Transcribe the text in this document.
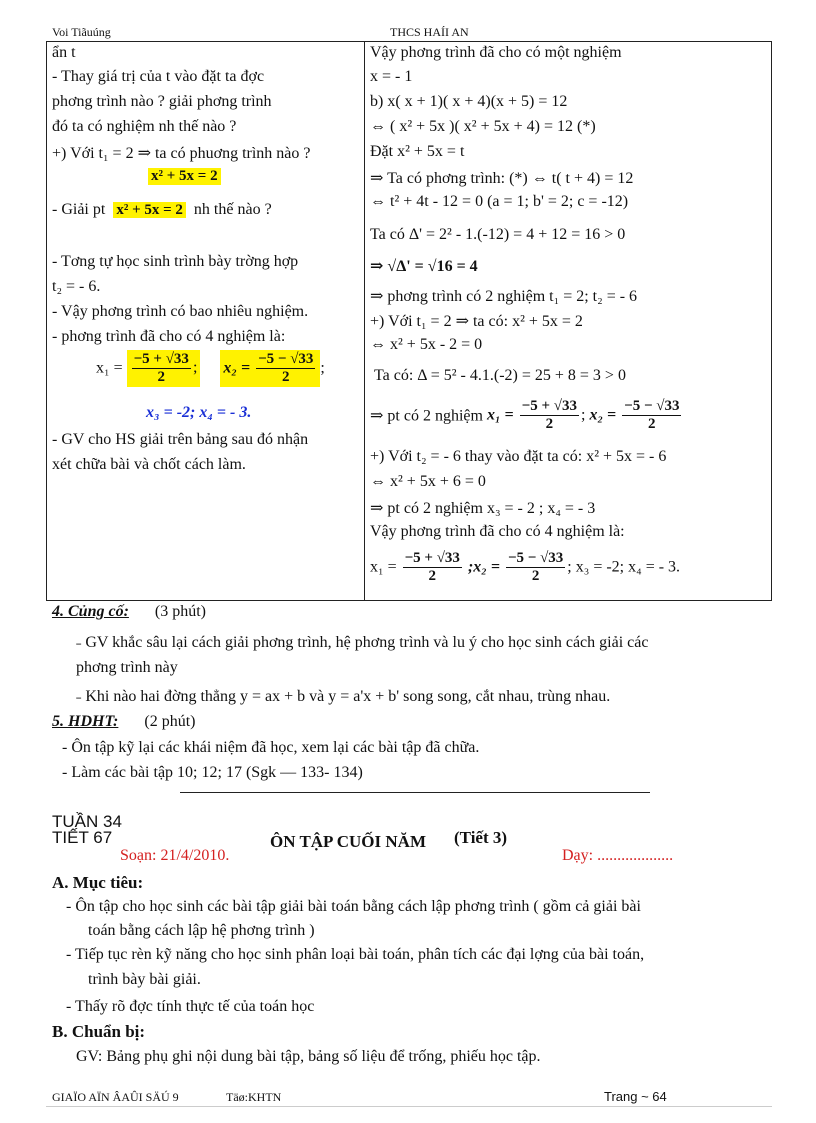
Voi Tiãuúng	THCS HAÍI AN
ẩn t
- Thay giá trị của t vào đặt ta đợc
phơng trình nào ? giải phơng trình
đó ta có nghiệm nh thế nào ?
+) Với t₁ = 2 ⇒ ta có phuơng trình nào ?
x² + 5x = 2
- Giải pt x² + 5x = 2 nh thế nào ?
- Tơng tự học sinh trình bày trờng hợp
t₂ = - 6.
- Vậy phơng trình có bao nhiêu nghiệm.
- phơng trình đã cho có 4 nghiệm là:
$x_1 = \frac{-5 + √33}{2}$ ; $x_2 = \frac{-5 - √33}{2}$ ;
x₃ = -2; x₄ = - 3.
- GV cho HS giải trên bảng sau đó nhận
xét chữa bài và chốt cách làm.
Vậy phơng trình đã cho có một nghiệm
x = - 1
b) x( x + 1)( x + 4)(x + 5) = 12
⇔ ( x² + 5x )( x² + 5x + 4) = 12 (*)
Đặt x² + 5x = t
⇒ Ta có phơng trình: (*) ⇔ t( t + 4) = 12
⇔ t² + 4t - 12 = 0 (a = 1; b' = 2; c = -12)
Ta có Δ' = 2² - 1.(-12) = 4 + 12 = 16 > 0
⇒ √Δ' = √16 = 4
⇒ phơng trình có 2 nghiệm t₁ = 2; t₂ = - 6
+) Với t₁ = 2 ⇒ ta có: x² + 5x = 2
⇔ x² + 5x - 2 = 0
Ta có: Δ = 5² - 4.1.(-2) = 25 + 8 = 3 > 0
⇒ pt có 2 nghiệm $x_1 = \frac{-5 + √33}{2}$ ; $x_2 = \frac{-5 - √33}{2}$
+) Với t₂ = - 6 thay vào đặt ta có: x² + 5x = - 6
⇔ x² + 5x + 6 = 0
⇒ pt có 2 nghiệm x₃ = - 2 ; x₄ = - 3
Vậy phơng trình đã cho có 4 nghiệm là:
$x_1 = \frac{-5 + √33}{2}$ ;x₂ = $\frac{-5 - √33}{2}$ ; x₃ = -2; x₄ = - 3.
4. Củng cố: (3 phút)
˗ GV khắc sâu lại cách giải phơng trình, hệ phơng trình và lu ý cho học sinh cách giải các
phơng trình này
˗ Khi nào hai đờng thẳng y = ax + b và y = a'x + b' song song, cắt nhau, trùng nhau.
5. HDHT: (2 phút)
- Ôn tập kỹ lại các khái niệm đã học, xem lại các bài tập đã chữa.
- Làm các bài tập 10; 12; 17 (Sgk — 133- 134)
TUẦN 34
TIẾT 67	ÔN TẬP CUỐI NĂM (Tiết 3)
Soạn: 21/4/2010.	Dạy: ...................
A. Mục tiêu:
- Ôn tập cho học sinh các bài tập giải bài toán bằng cách lập phơng trình ( gồm cả giải bài
toán bằng cách lập hệ phơng trình )
- Tiếp tục rèn kỹ năng cho học sinh phân loại bài toán, phân tích các đại lợng của bài toán,
trình bày bài giải.
- Thấy rõ đợc tính thực tế của toán học
B. Chuẩn bị:
GV: Bảng phụ ghi nội dung bài tập, bảng số liệu để trống, phiếu học tập.
GIAÏO AÏN ÂAÛI SÄÚ 9	Täø:KHTN	Trang ~ 64
